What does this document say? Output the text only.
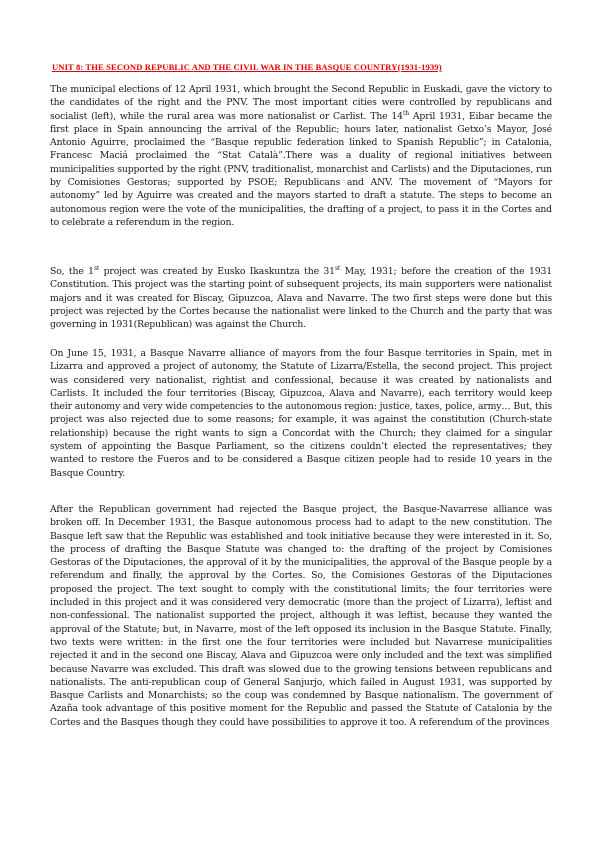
UNIT 8: THE SECOND REPUBLIC AND THE CIVIL WAR IN THE BASQUE COUNTRY(1931-1939)
The municipal elections of 12 April 1931, which brought the Second Republic in Euskadi, gave the victory to the candidates of the right and the PNV. The most important cities were controlled by republicans and socialist (left), while the rural area was more nationalist or Carlist. The 14th April 1931, Eibar became the first place in Spain announcing the arrival of the Republic; hours later, nationalist Getxo’s Mayor, José Antonio Aguirre, proclaimed the “Basque republic federation linked to Spanish Republic”; in Catalonia, Francesc Maciá proclaimed the “Stat Català”.There was a duality of regional initiatives between municipalities supported by the right (PNV, traditionalist, monarchist and Carlists) and the Diputaciones, run by Comisiones Gestoras; supported by PSOE; Republicans and ANV. The movement of “Mayors for autonomy” led by Aguirre was created and the mayors started to draft a statute. The steps to become an autonomous region were the vote of the municipalities, the drafting of a project, to pass it in the Cortes and to celebrate a referendum in the region.
So, the 1st project was created by Eusko Ikaskuntza the 31st May, 1931; before the creation of the 1931 Constitution. This project was the starting point of subsequent projects, its main supporters were nationalist majors and it was created for Biscay, Gipuzcoa, Alava and Navarre. The two first steps were done but this project was rejected by the Cortes because the nationalist were linked to the Church and the party that was governing in 1931(Republican) was against the Church.
On June 15, 1931, a Basque Navarre alliance of mayors from the four Basque territories in Spain, met in Lizarra and approved a project of autonomy, the Statute of Lizarra/Estella, the second project. This project was considered very nationalist, rightist and confessional, because it was created by nationalists and Carlists. It included the four territories (Biscay, Gipuzcoa, Alava and Navarre), each territory would keep their autonomy and very wide competencies to the autonomous region: justice, taxes, police, army… But, this project was also rejected due to some reasons; for example, it was against the constitution (Church-state relationship) because the right wants to sign a Concordat with the Church; they claimed for a singular system of appointing the Basque Parliament, so the citizens couldn’t elected the representatives; they wanted to restore the Fueros and to be considered a Basque citizen people had to reside 10 years in the Basque Country.
After the Republican government had rejected the Basque project, the Basque-Navarrese alliance was broken off. In December 1931, the Basque autonomous process had to adapt to the new constitution. The Basque left saw that the Republic was established and took initiative because they were interested in it. So, the process of drafting the Basque Statute was changed to: the drafting of the project by Comisiones Gestoras of the Diputaciones, the approval of it by the municipalities, the approval of the Basque people by a referendum and finally, the approval by the Cortes. So, the Comisiones Gestoras of the Diputaciones proposed the project. The text sought to comply with the constitutional limits; the four territories were included in this project and it was considered very democratic (more than the project of Lizarra), leftist and non-confessional. The nationalist supported the project, although it was leftist, because they wanted the approval of the Statute; but, in Navarre, most of the left opposed its inclusion in the Basque Statute. Finally, two texts were written: in the first one the four territories were included but Navarrese municipalities rejected it and in the second one Biscay, Alava and Gipuzcoa were only included and the text was simplified because Navarre was excluded. This draft was slowed due to the growing tensions between republicans and nationalists. The anti-republican coup of General Sanjurjo, which failed in August 1931, was supported by Basque Carlists and Monarchists; so the coup was condemned by Basque nationalism. The government of Azaña took advantage of this positive moment for the Republic and passed the Statute of Catalonia by the Cortes and the Basques though they could have possibilities to approve it too. A referendum of the provinces
